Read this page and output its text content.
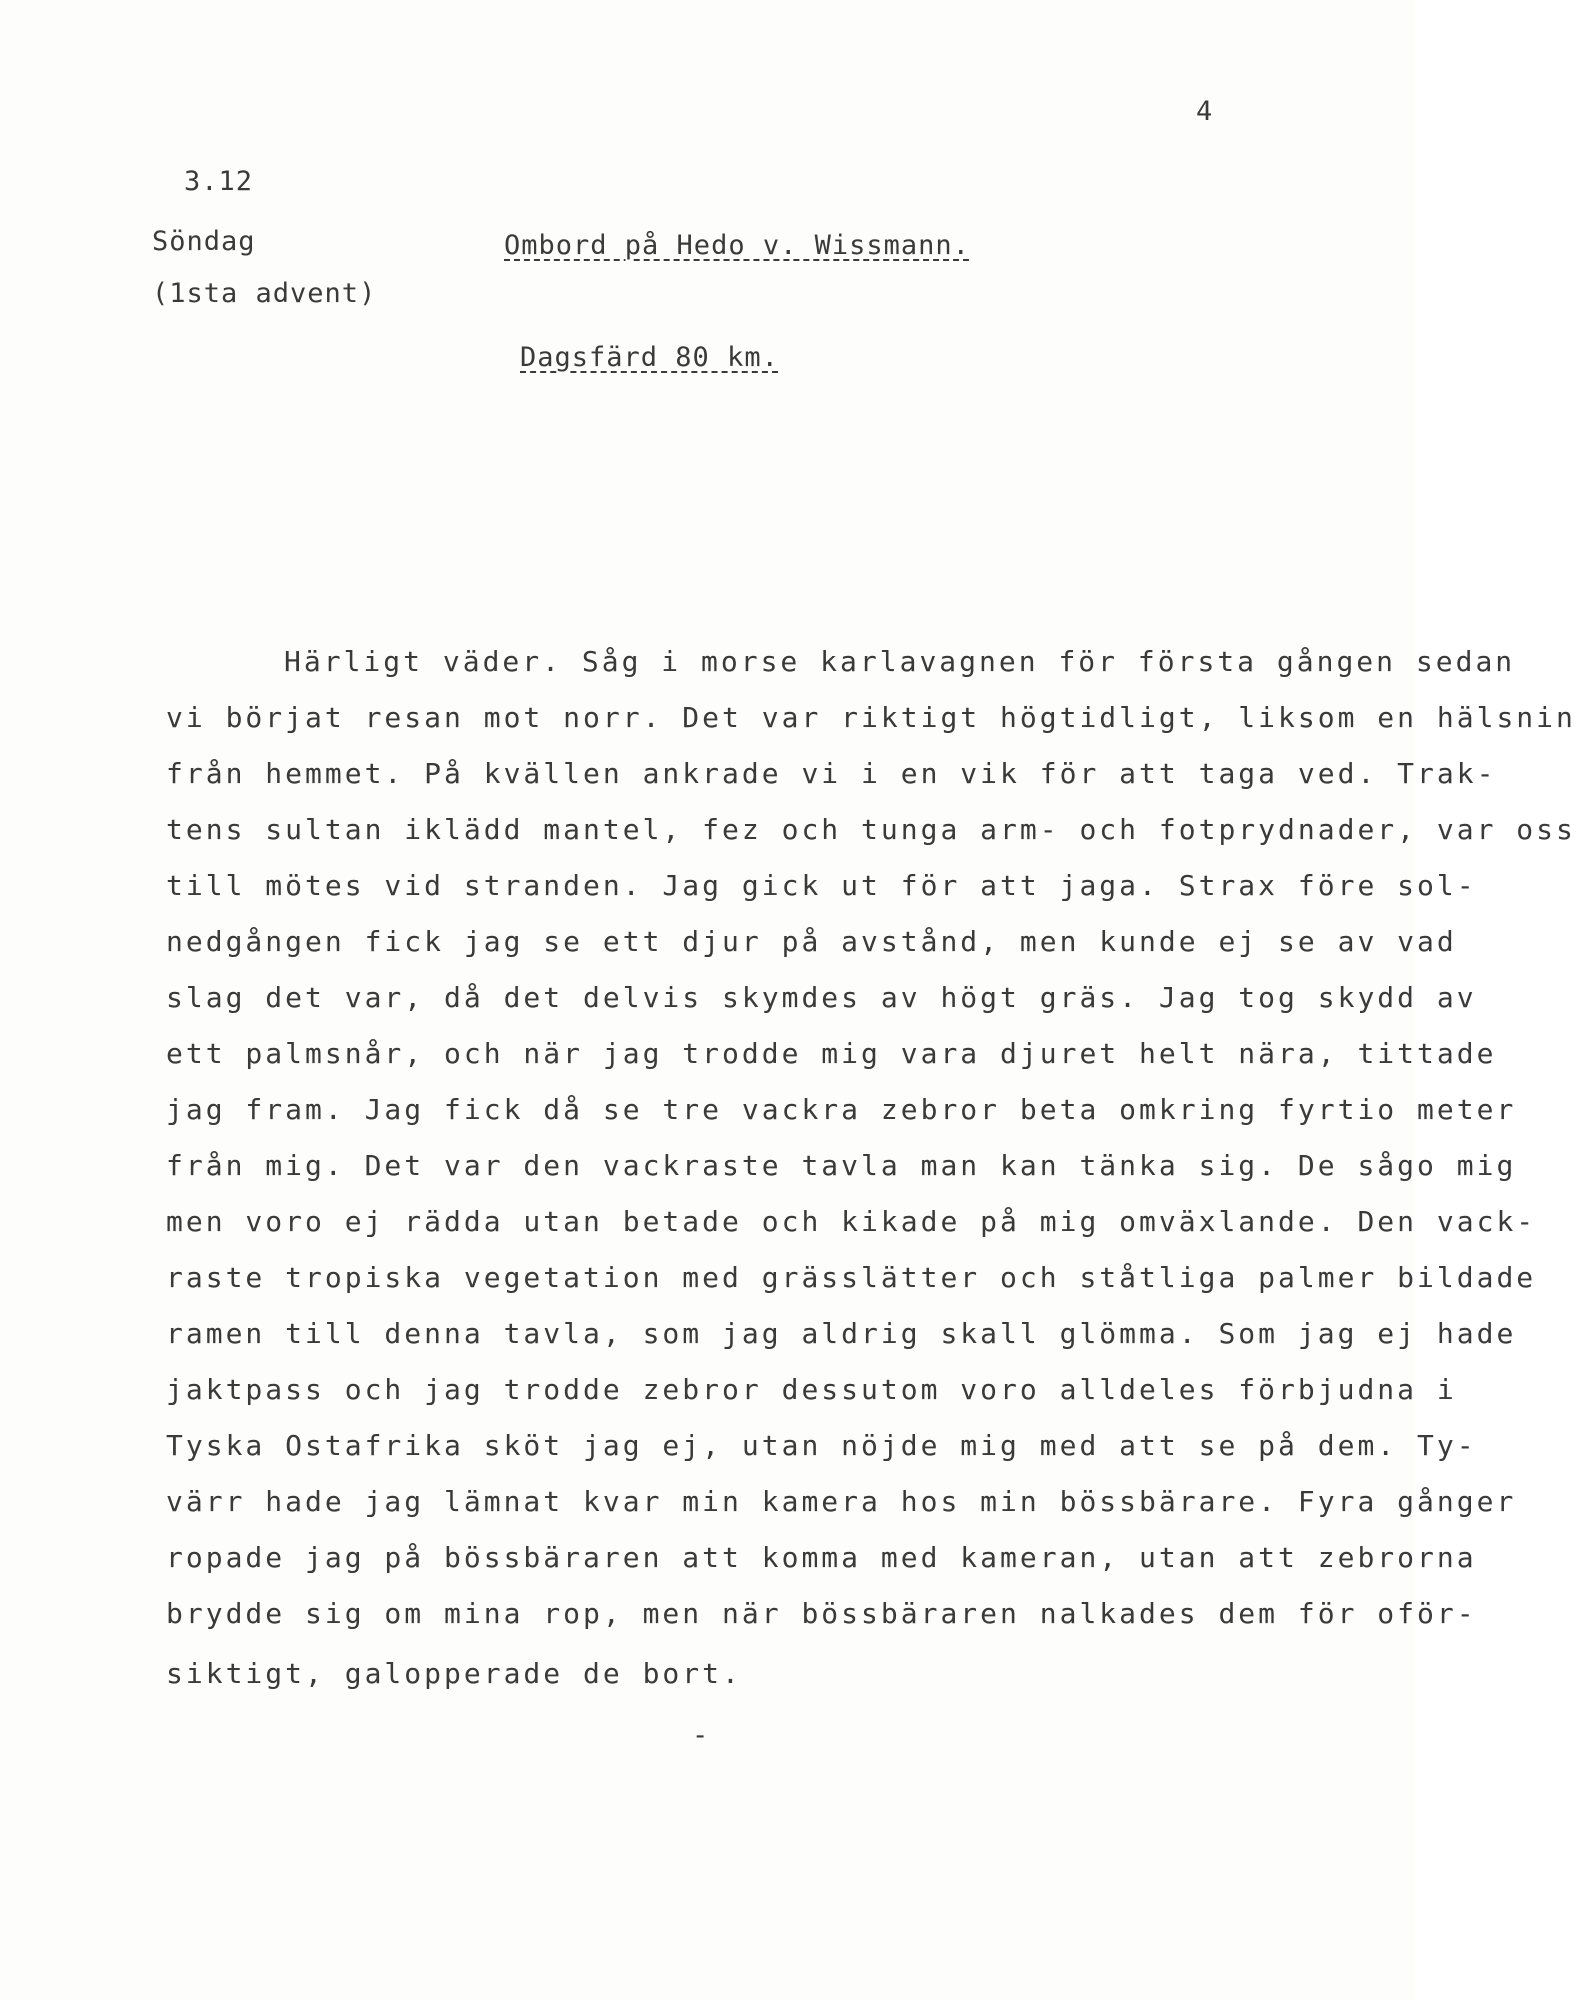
4
3.12
Söndag
(1sta advent)
Ombord på Hedo v. Wissmann.
Dagsfärd 80 km.
Härligt väder. Såg i morse karlavagnen för första gången sedan
vi börjat resan mot norr. Det var riktigt högtidligt, liksom en hälsnin
från hemmet. På kvällen ankrade vi i en vik för att taga ved. Trak-
tens sultan iklädd mantel, fez och tunga arm- och fotprydnader, var oss
till mötes vid stranden. Jag gick ut för att jaga. Strax före sol-
nedgången fick jag se ett djur på avstånd, men kunde ej se av vad
slag det var, då det delvis skymdes av högt gräs. Jag tog skydd av
ett palmsnår, och när jag trodde mig vara djuret helt nära, tittade
jag fram. Jag fick då se tre vackra zebror beta omkring fyrtio meter
från mig. Det var den vackraste tavla man kan tänka sig. De sågo mig
men voro ej rädda utan betade och kikade på mig omväxlande. Den vack-
raste tropiska vegetation med grässlätter och ståtliga palmer bildade
ramen till denna tavla, som jag aldrig skall glömma. Som jag ej hade
jaktpass och jag trodde zebror dessutom voro alldeles förbjudna i
Tyska Ostafrika sköt jag ej, utan nöjde mig med att se på dem. Ty-
värr hade jag lämnat kvar min kamera hos min bössbärare. Fyra gånger
ropade jag på bössbäraren att komma med kameran, utan att zebrorna
brydde sig om mina rop, men när bössbäraren nalkades dem för oför-
siktigt, galopperade de bort.
-
